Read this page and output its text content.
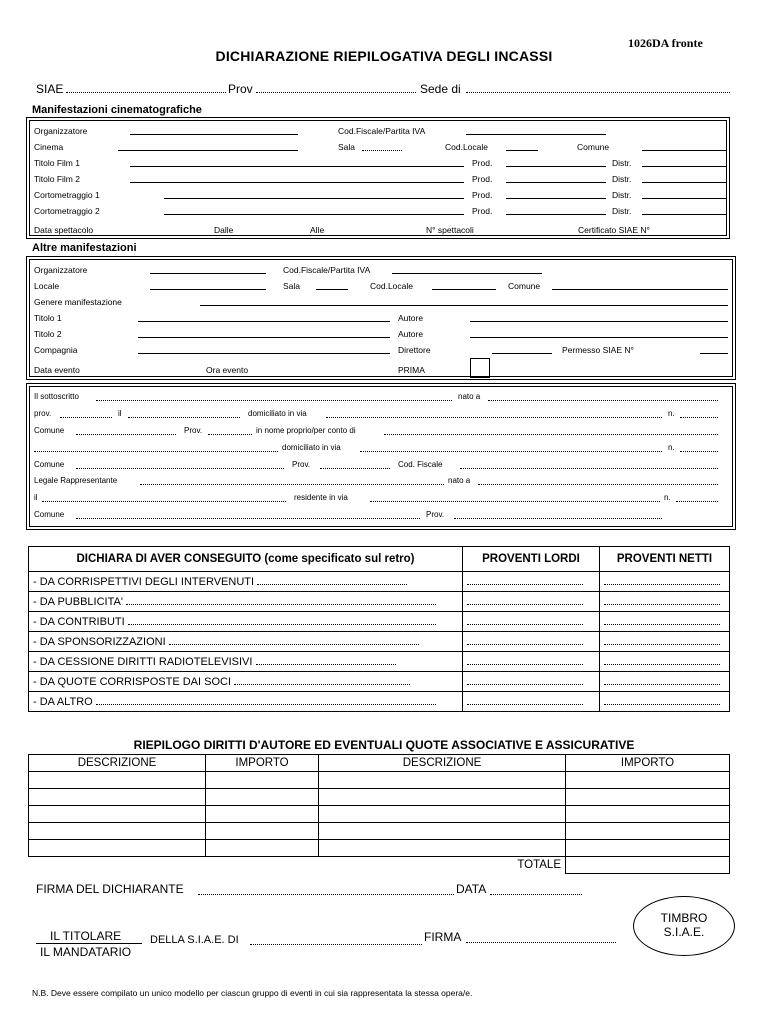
1026DA fronte
DICHIARAZIONE RIEPILOGATIVA DEGLI INCASSI
SIAE	Prov	Sede di
Manifestazioni cinematografiche
Organizzatore	Cod.Fiscale/Partita IVA
Cinema	Sala	Cod.Locale	Comune
Titolo Film 1	Prod.	Distr.
Titolo Film 2	Prod.	Distr.
Cortometraggio 1	Prod.	Distr.
Cortometraggio 2	Prod.	Distr.
Data spettacolo	Dalle	Alle	N° spettacoli	Certificato SIAE N°
Altre manifestazioni
Organizzatore	Cod.Fiscale/Partita IVA
Locale	Sala	Cod.Locale	Comune
Genere manifestazione
Titolo 1	Autore
Titolo 2	Autore
Compagnia	Direttore	Permesso SIAE N°
Data evento	Ora evento	PRIMA
Il sottoscritto	nato a
prov.	il	domiciliato in via	n.
Comune	Prov.	in nome proprio/per conto di
domiciliato in via	n.
Comune	Prov.	Cod. Fiscale
Legale Rappresentante	nato a
il	residente in via	n.
Comune	Prov.
DICHIARA DI AVER CONSEGUITO (come specificato sul retro)	PROVENTI LORDI	PROVENTI NETTI
- DA CORRISPETTIVI DEGLI INTERVENUTI		
- DA PUBBLICITA'		
- DA CONTRIBUTI		
- DA SPONSORIZZAZIONI		
- DA CESSIONE DIRITTI RADIOTELEVISIVI		
- DA QUOTE CORRISPOSTE DAI SOCI		
- DA ALTRO		
RIEPILOGO DIRITTI D'AUTORE ED EVENTUALI QUOTE ASSOCIATIVE E ASSICURATIVE
DESCRIZIONE	IMPORTO	DESCRIZIONE	IMPORTO

		TOTALE	
FIRMA DEL DICHIARANTE	DATA
IL TITOLARE
IL MANDATARIO
DELLA S.I.A.E. DI	FIRMA
TIMBRO
S.I.A.E.
N.B. Deve essere compilato un unico modello per ciascun gruppo di eventi in cui sia rappresentata la stessa opera/e.
